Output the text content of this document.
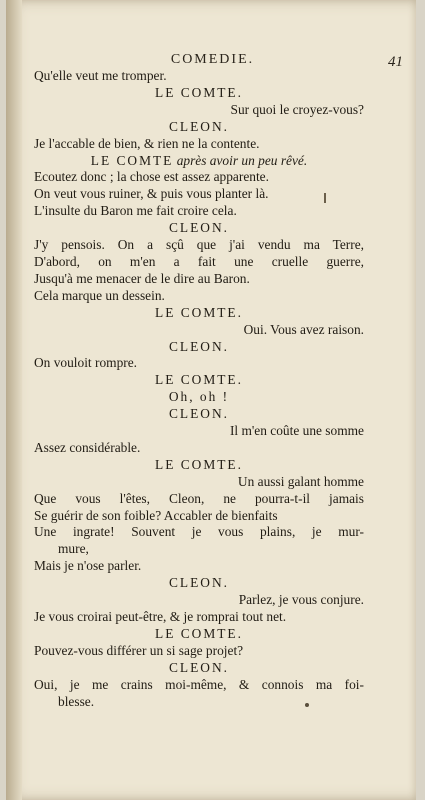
COMEDIE.	41
Qu'elle veut me tromper.
LE COMTE.
Sur quoi le croyez-vous?
CLEON.
Je l'accable de bien, & rien ne la contente.
LE COMTE après avoir un peu rêvé.
Ecoutez donc ; la chose est assez apparente.
On veut vous ruiner, & puis vous planter là.
L'insulte du Baron me fait croire cela.
CLEON.
J'y pensois. On a sçû que j'ai vendu ma Terre,
D'abord, on m'en a fait une cruelle guerre,
Jusqu'à me menacer de le dire au Baron.
Cela marque un dessein.
LE COMTE.
Oui. Vous avez raison.
CLEON.
On vouloit rompre.
LE COMTE.
Oh, oh !
CLEON.
Il m'en coûte une somme
Assez considérable.
LE COMTE.
Un aussi galant homme
Que vous l'êtes, Cleon, ne pourra-t-il jamais
Se guérir de son foible? Accabler de bienfaits
Une ingrate! Souvent je vous plains, je mur-
mure,
Mais je n'ose parler.
CLEON.
Parlez, je vous conjure.
Je vous croirai peut-être, & je romprai tout net.
LE COMTE.
Pouvez-vous différer un si sage projet?
CLEON.
Oui, je me crains moi-même, & connois ma foi-
blesse.
